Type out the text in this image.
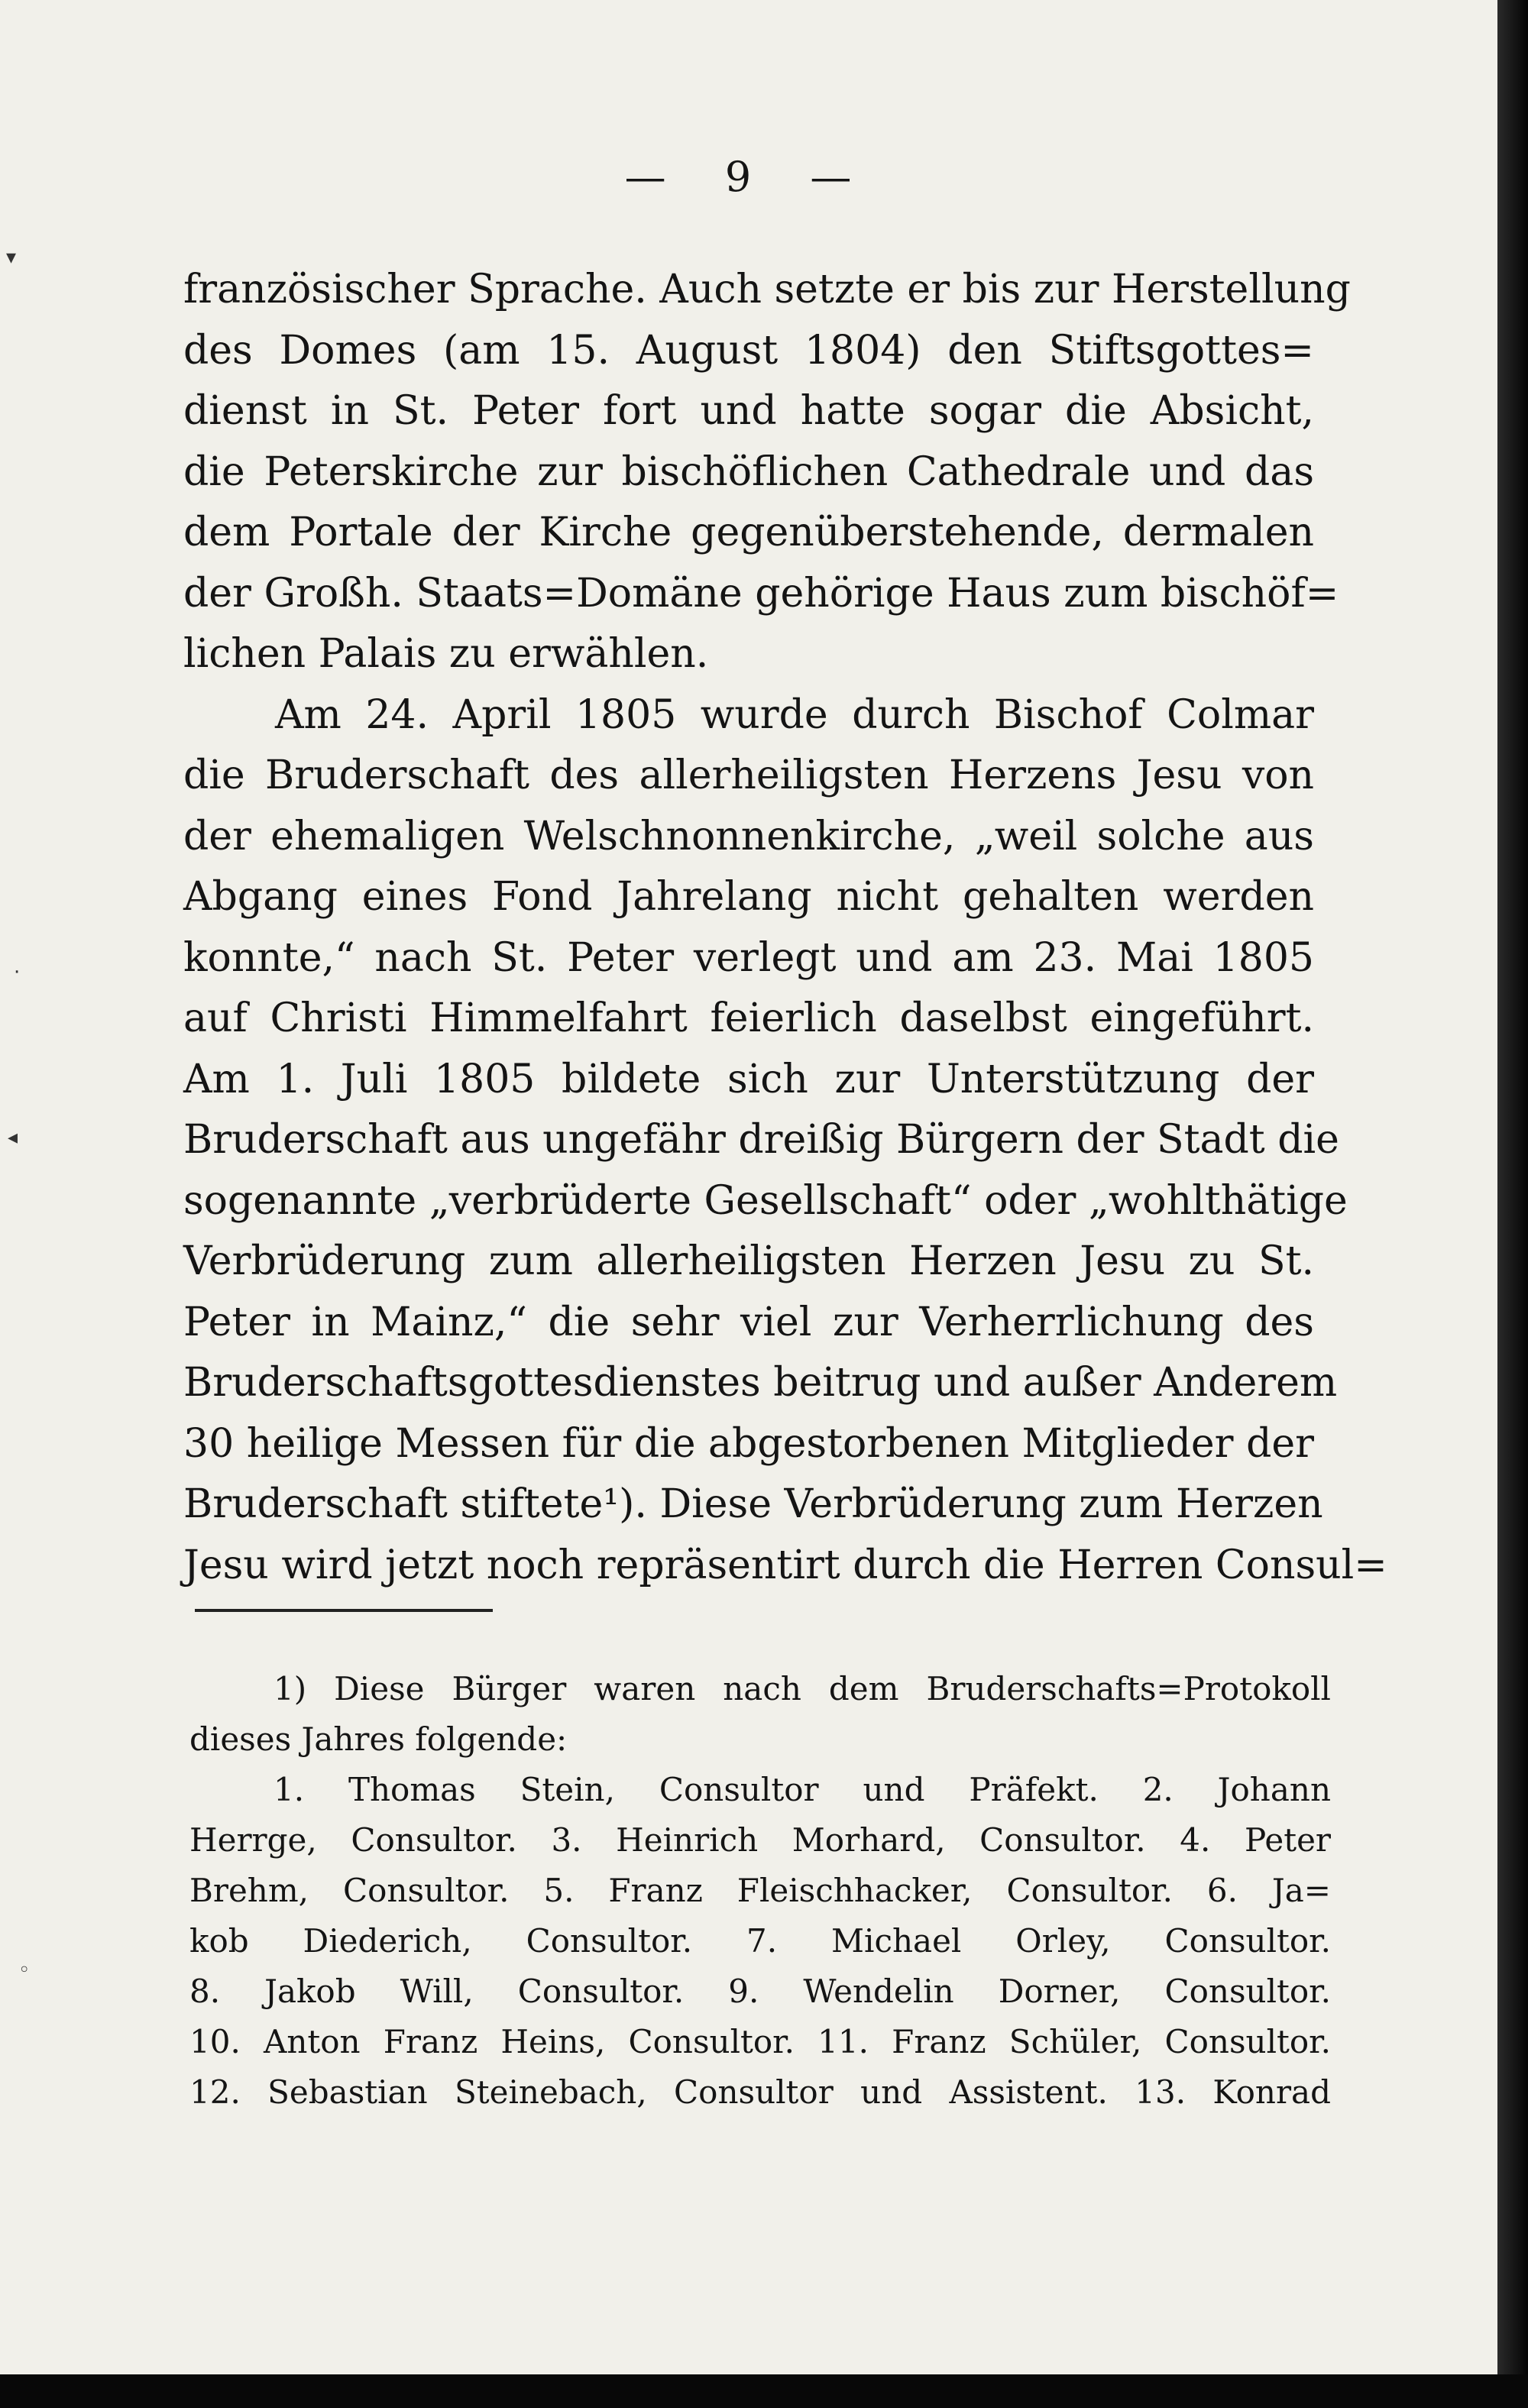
— 9 —
französischer Sprache. Auch setzte er bis zur Herstellung
des Domes (am 15. August 1804) den Stiftsgottes=
dienst in St. Peter fort und hatte sogar die Absicht,
die Peterskirche zur bischöflichen Cathedrale und das
dem Portale der Kirche gegenüberstehende, dermalen
der Großh. Staats=Domäne gehörige Haus zum bischöf=
lichen Palais zu erwählen.
Am 24. April 1805 wurde durch Bischof Colmar
die Bruderschaft des allerheiligsten Herzens Jesu von
der ehemaligen Welschnonnenkirche, „weil solche aus
Abgang eines Fond Jahrelang nicht gehalten werden
konnte,“ nach St. Peter verlegt und am 23. Mai 1805
auf Christi Himmelfahrt feierlich daselbst eingeführt.
Am 1. Juli 1805 bildete sich zur Unterstützung der
Bruderschaft aus ungefähr dreißig Bürgern der Stadt die
sogenannte „verbrüderte Gesellschaft“ oder „wohlthätige
Verbrüderung zum allerheiligsten Herzen Jesu zu St.
Peter in Mainz,“ die sehr viel zur Verherrlichung des
Bruderschaftsgottesdienstes beitrug und außer Anderem
30 heilige Messen für die abgestorbenen Mitglieder der
Bruderschaft stiftete¹). Diese Verbrüderung zum Herzen
Jesu wird jetzt noch repräsentirt durch die Herren Consul=
1) Diese Bürger waren nach dem Bruderschafts=Protokoll
dieses Jahres folgende:
1. Thomas Stein, Consultor und Präfekt. 2. Johann
Herrge, Consultor. 3. Heinrich Morhard, Consultor. 4. Peter
Brehm, Consultor. 5. Franz Fleischhacker, Consultor. 6. Ja=
kob Diederich, Consultor. 7. Michael Orley, Consultor.
8. Jakob Will, Consultor. 9. Wendelin Dorner, Consultor.
10. Anton Franz Heins, Consultor. 11. Franz Schüler, Consultor.
12. Sebastian Steinebach, Consultor und Assistent. 13. Konrad
▾
·
◂
◦
